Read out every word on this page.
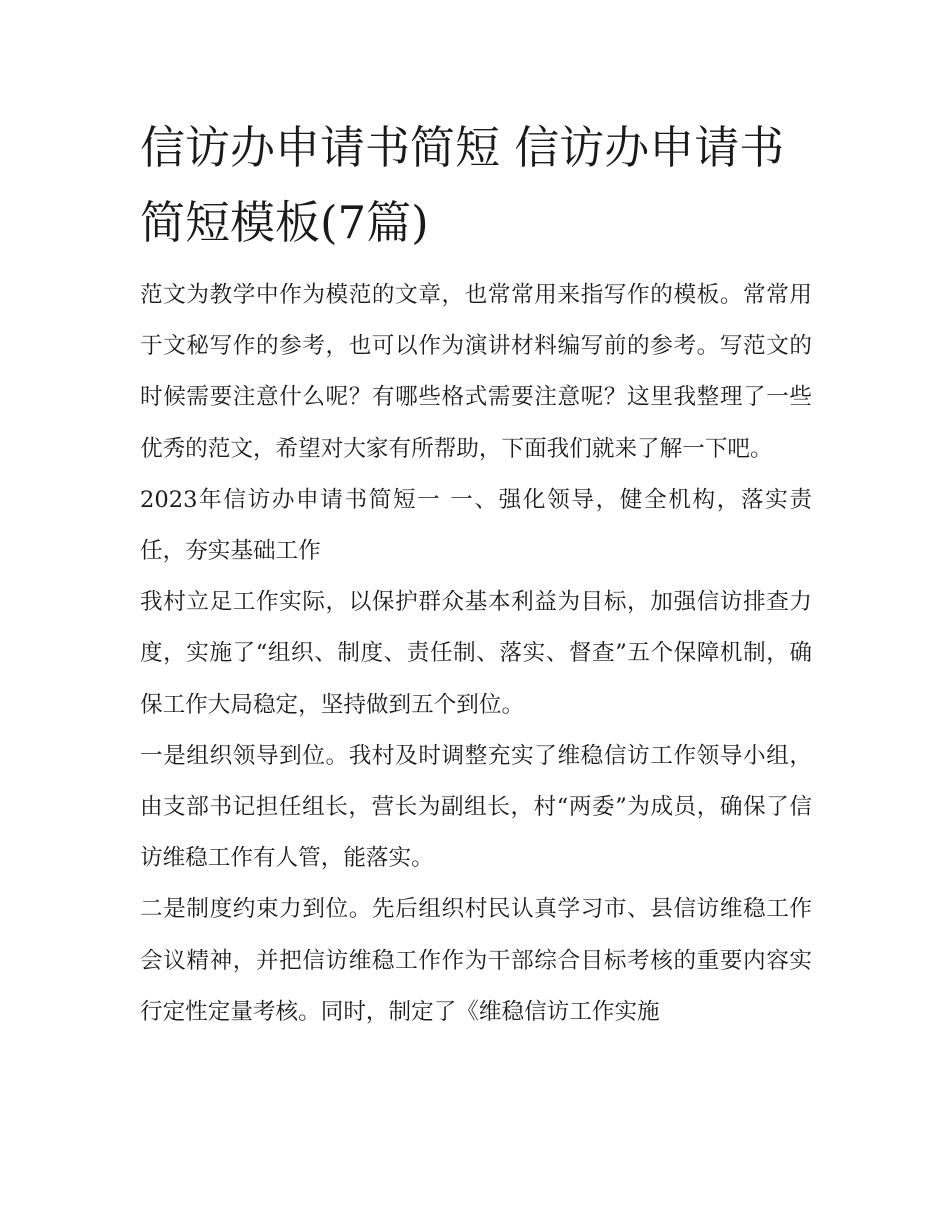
信访办申请书简短 信访办申请书简短模板(7篇)

范文为教学中作为模范的文章，也常常用来指写作的模板。常常用于文秘写作的参考，也可以作为演讲材料编写前的参考。写范文的时候需要注意什么呢？有哪些格式需要注意呢？这里我整理了一些优秀的范文，希望对大家有所帮助，下面我们就来了解一下吧。

2023年信访办申请书简短一 一、强化领导，健全机构，落实责任，夯实基础工作

我村立足工作实际，以保护群众基本利益为目标，加强信访排查力度，实施了“组织、制度、责任制、落实、督查”五个保障机制，确保工作大局稳定，坚持做到五个到位。

一是组织领导到位。我村及时调整充实了维稳信访工作领导小组，由支部书记担任组长，营长为副组长，村“两委”为成员，确保了信访维稳工作有人管，能落实。

二是制度约束力到位。先后组织村民认真学习市、县信访维稳工作会议精神，并把信访维稳工作作为干部综合目标考核的重要内容实行定性定量考核。同时，制定了《维稳信访工作实施
